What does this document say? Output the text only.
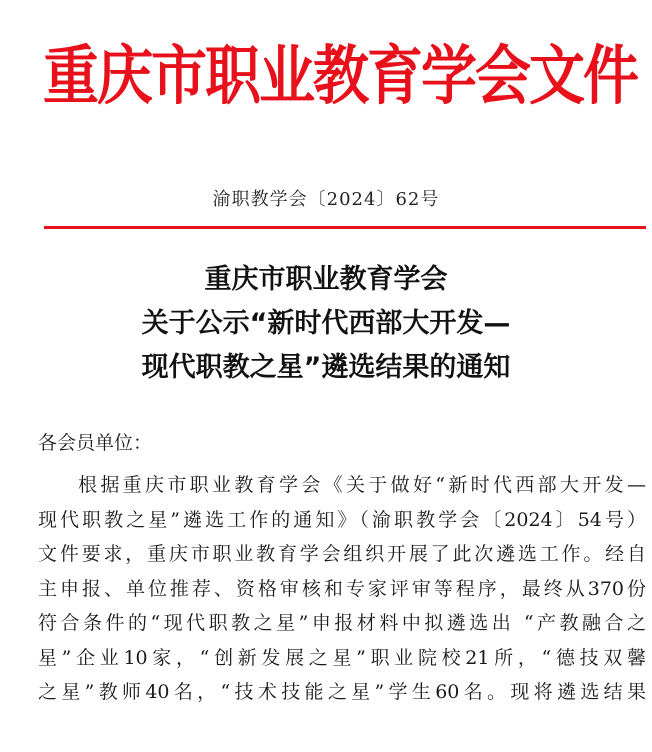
重庆市职业教育学会文件
渝职教学会〔2024〕62号
重庆市职业教育学会
关于公示“新时代西部大开发—
现代职教之星”遴选结果的通知
各会员单位：
根据重庆市职业教育学会《关于做好“新时代西部大开发—
现代职教之星”遴选工作的通知》（渝职教学会〔2024〕54号）
文件要求，重庆市职业教育学会组织开展了此次遴选工作。经自
主申报、单位推荐、资格审核和专家评审等程序，最终从370份
符合条件的“现代职教之星”申报材料中拟遴选出 “产教融合之
星”企业10家，“创新发展之星”职业院校21所，“德技双馨
之星”教师40名，“技术技能之星”学生60名。现将遴选结果
